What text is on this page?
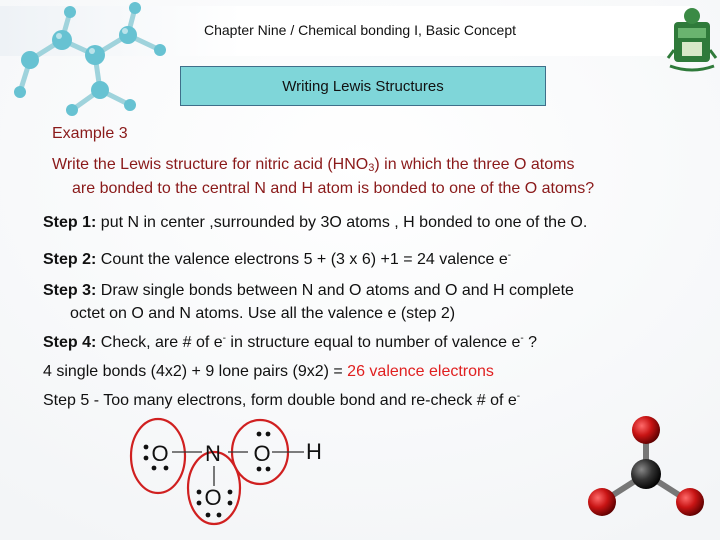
Chapter Nine / Chemical bonding I, Basic Concept
Writing Lewis Structures
Example 3
Write the Lewis structure for nitric acid $(HNO_3)$ in which the three O atoms
are bonded to the central N and H atom is bonded to one of the O atoms?
Step 1: put N in center ,surrounded by 3O atoms , H bonded to one of the O.
Step 2: Count the valence electrons 5 + (3 x 6) +1 = 24 valence e-
Step 3: Draw single bonds between N and O atoms and O and H complete
octet on O and N atoms. Use all the valence e (step 2)
Step 4: Check, are # of e- in structure equal to number of valence e- ?
4 single bonds (4x2) + 9 lone pairs (9x2) = 26 valence electrons
Step 5 - Too many electrons, form double bond and re-check # of e-
O N O H
O
